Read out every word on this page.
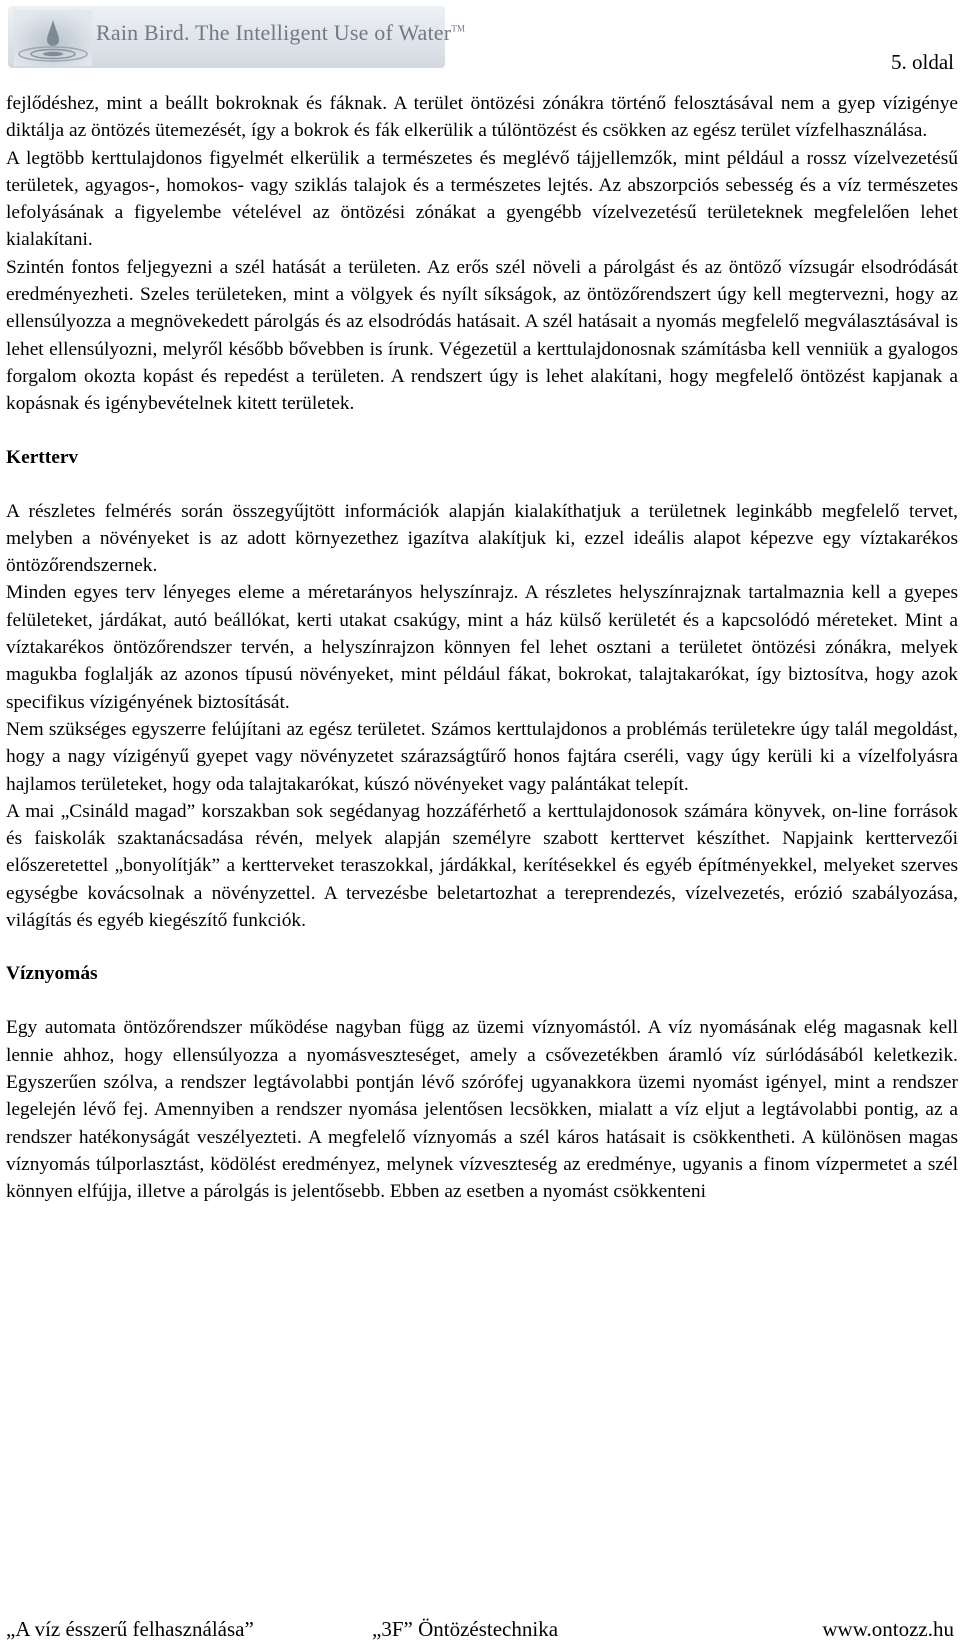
Rain Bird. The Intelligent Use of Water™
5. oldal

fejlődéshez, mint a beállt bokroknak és fáknak. A terület öntözési zónákra történő felosztásával nem a gyep vízigénye diktálja az öntözés ütemezését, így a bokrok és fák elkerülik a túlöntözést és csökken az egész terület vízfelhasználása.

A legtöbb kerttulajdonos figyelmét elkerülik a természetes és meglévő tájjellemzők, mint például a rossz vízelvezetésű területek, agyagos-, homokos- vagy sziklás talajok és a természetes lejtés. Az abszorpciós sebesség és a víz természetes lefolyásának a figyelembe vételével az öntözési zónákat a gyengébb vízelvezetésű területeknek megfelelően lehet kialakítani.

Szintén fontos feljegyezni a szél hatását a területen. Az erős szél növeli a párolgást és az öntöző vízsugár elsodródását eredményezheti. Szeles területeken, mint a völgyek és nyílt síkságok, az öntözőrendszert úgy kell megtervezni, hogy az ellensúlyozza a megnövekedett párolgás és az elsodródás hatásait. A szél hatásait a nyomás megfelelő megválasztásával is lehet ellensúlyozni, melyről később bővebben is írunk. Végezetül a kerttulajdonosnak számításba kell venniük a gyalogos forgalom okozta kopást és repedést a területen. A rendszert úgy is lehet alakítani, hogy megfelelő öntözést kapjanak a kopásnak és igénybevételnek kitett területek.

Kertterv

A részletes felmérés során összegyűjtött információk alapján kialakíthatjuk a területnek leginkább megfelelő tervet, melyben a növényeket is az adott környezethez igazítva alakítjuk ki, ezzel ideális alapot képezve egy víztakarékos öntözőrendszernek.

Minden egyes terv lényeges eleme a méretarányos helyszínrajz. A részletes helyszínrajznak tartalmaznia kell a gyepes felületeket, járdákat, autó beállókat, kerti utakat csakúgy, mint a ház külső kerületét és a kapcsolódó méreteket. Mint a víztakarékos öntözőrendszer tervén, a helyszínrajzon könnyen fel lehet osztani a területet öntözési zónákra, melyek magukba foglalják az azonos típusú növényeket, mint például fákat, bokrokat, talajtakarókat, így biztosítva, hogy azok specifikus vízigényének biztosítását.

Nem szükséges egyszerre felújítani az egész területet. Számos kerttulajdonos a problémás területekre úgy talál megoldást, hogy a nagy vízigényű gyepet vagy növényzetet szárazságtűrő honos fajtára cseréli, vagy úgy kerüli ki a vízelfolyásra hajlamos területeket, hogy oda talajtakarókat, kúszó növényeket vagy palántákat telepít.

A mai „Csináld magad” korszakban sok segédanyag hozzáférhető a kerttulajdonosok számára könyvek, on-line források és faiskolák szaktanácsadása révén, melyek alapján személyre szabott kerttervet készíthet. Napjaink kerttervezői előszeretettel „bonyolítják” a kertterveket teraszokkal, járdákkal, kerítésekkel és egyéb építményekkel, melyeket szerves egységbe kovácsolnak a növényzettel. A tervezésbe beletartozhat a tereprendezés, vízelvezetés, erózió szabályozása, világítás és egyéb kiegészítő funkciók.

Víznyomás

Egy automata öntözőrendszer működése nagyban függ az üzemi víznyomástól. A víz nyomásának elég magasnak kell lennie ahhoz, hogy ellensúlyozza a nyomásveszteséget, amely a csővezetékben áramló víz súrlódásából keletkezik. Egyszerűen szólva, a rendszer legtávolabbi pontján lévő szórófej ugyanakkora üzemi nyomást igényel, mint a rendszer legelején lévő fej. Amennyiben a rendszer nyomása jelentősen lecsökken, mialatt a víz eljut a legtávolabbi pontig, az a rendszer hatékonyságát veszélyezteti. A megfelelő víznyomás a szél káros hatásait is csökkentheti. A különösen magas víznyomás túlporlasztást, ködölést eredményez, melynek vízveszteség az eredménye, ugyanis a finom vízpermetet a szél könnyen elfújja, illetve a párolgás is jelentősebb. Ebben az esetben a nyomást csökkenteni

„A víz ésszerű felhasználása”	„3F” Öntözéstechnika	www.ontozz.hu
